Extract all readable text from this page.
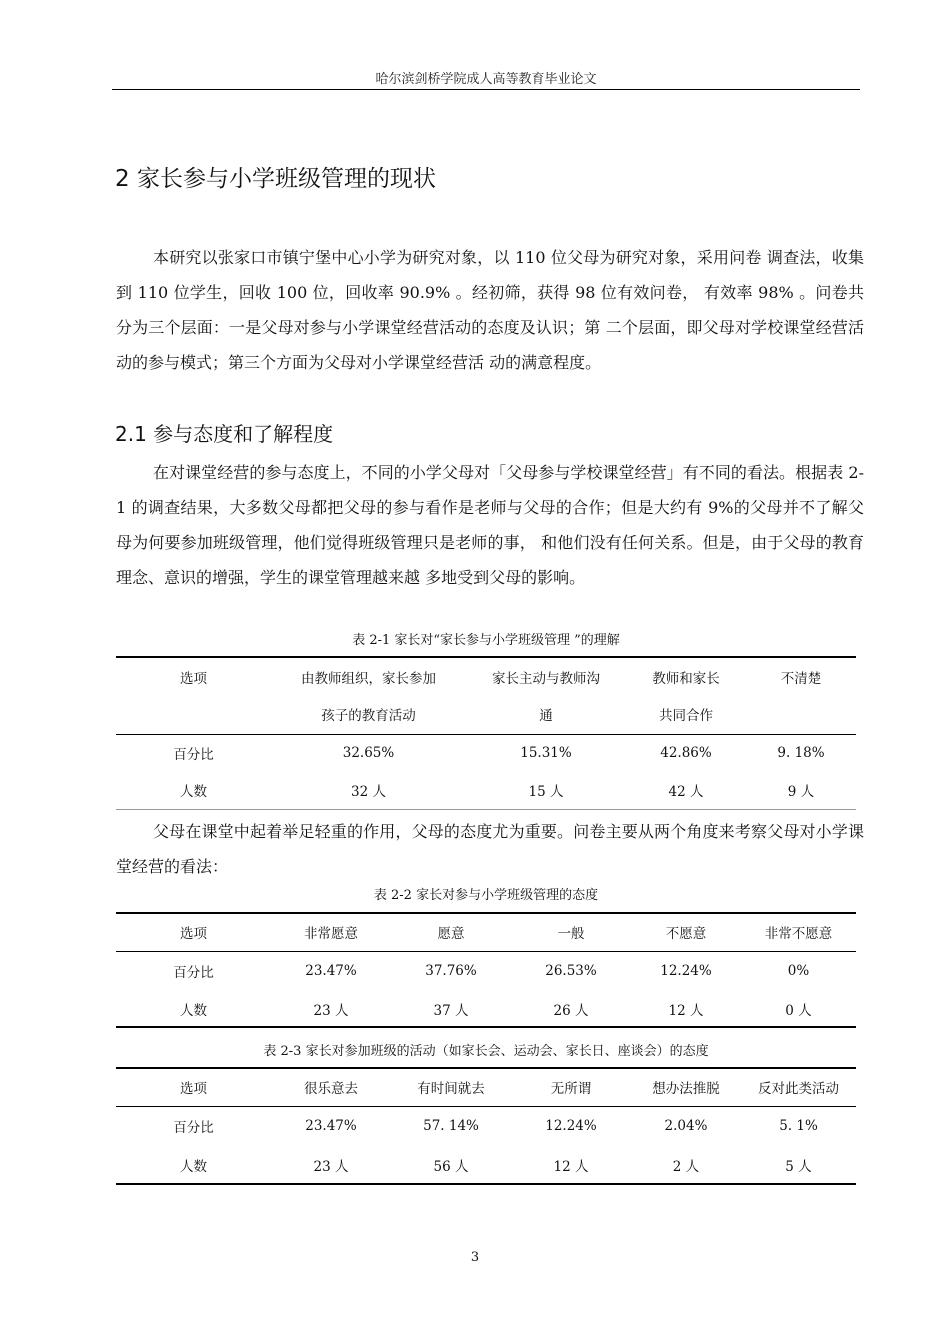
哈尔滨剑桥学院成人高等教育毕业论文
2 家长参与小学班级管理的现状

本研究以张家口市镇宁堡中心小学为研究对象，以 110 位父母为研究对象，采用问卷 调查法，收集到 110 位学生，回收 100 位，回收率 90.9% 。经初筛，获得 98 位有效问卷， 有效率 98% 。问卷共分为三个层面：一是父母对参与小学课堂经营活动的态度及认识；第 二个层面，即父母对学校课堂经营活动的参与模式；第三个方面为父母对小学课堂经营活 动的满意程度。

2.1 参与态度和了解程度

在对课堂经营的参与态度上，不同的小学父母对「父母参与学校课堂经营」有不同的看法。根据表 2-1 的调查结果，大多数父母都把父母的参与看作是老师与父母的合作；但是大约有 9%的父母并不了解父母为何要参加班级管理，他们觉得班级管理只是老师的事， 和他们没有任何关系。但是，由于父母的教育理念、意识的增强，学生的课堂管理越来越 多地受到父母的影响。

表 2-1 家长对“家长参与小学班级管理 ”的理解
选项	由教师组织，家长参加	家长主动与教师沟	教师和家长	不清楚
	孩子的教育活动	通	共同合作	
百分比	32.65%	15.31%	42.86%	9. 18%
人数	32 人	15 人	42 人	9 人

父母在课堂中起着举足轻重的作用，父母的态度尤为重要。问卷主要从两个角度来考察父母对小学课堂经营的看法：

表 2-2 家长对参与小学班级管理的态度
选项	非常愿意	愿意	一般	不愿意	非常不愿意
百分比	23.47%	37.76%	26.53%	12.24%	0%
人数	23 人	37 人	26 人	12 人	0 人
表 2-3 家长对参加班级的活动（如家长会、运动会、家长日、座谈会）的态度
选项	很乐意去	有时间就去	无所谓	想办法推脱	反对此类活动
百分比	23.47%	57. 14%	12.24%	2.04%	5. 1%
人数	23 人	56 人	12 人	2 人	5 人
3
